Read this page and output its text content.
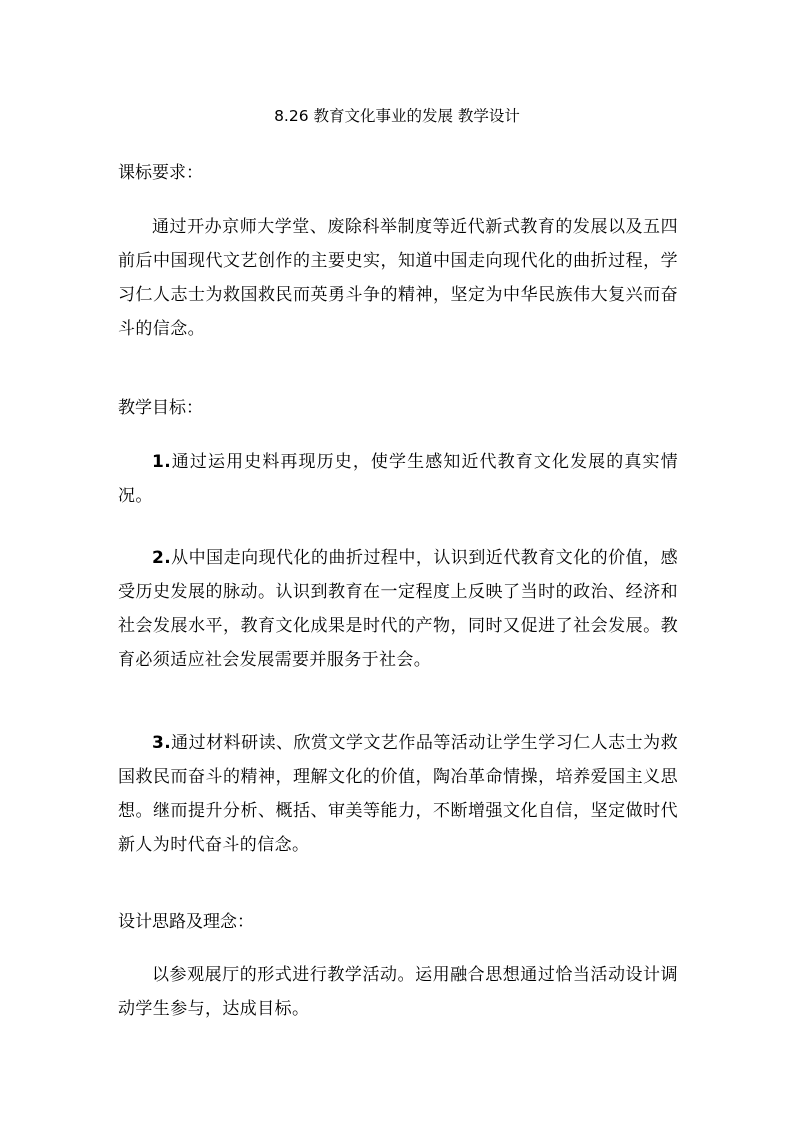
8.26 教育文化事业的发展 教学设计
课标要求：

通过开办京师大学堂、废除科举制度等近代新式教育的发展以及五四前后中国现代文艺创作的主要史实，知道中国走向现代化的曲折过程，学习仁人志士为救国救民而英勇斗争的精神，坚定为中华民族伟大复兴而奋斗的信念。

教学目标：

1.通过运用史料再现历史，使学生感知近代教育文化发展的真实情况。

2.从中国走向现代化的曲折过程中，认识到近代教育文化的价值，感受历史发展的脉动。认识到教育在一定程度上反映了当时的政治、经济和社会发展水平，教育文化成果是时代的产物，同时又促进了社会发展。教育必须适应社会发展需要并服务于社会。

3.通过材料研读、欣赏文学文艺作品等活动让学生学习仁人志士为救国救民而奋斗的精神，理解文化的价值，陶冶革命情操，培养爱国主义思想。继而提升分析、概括、审美等能力，不断增强文化自信，坚定做时代新人为时代奋斗的信念。

设计思路及理念：

以参观展厅的形式进行教学活动。运用融合思想通过恰当活动设计调动学生参与，达成目标。
